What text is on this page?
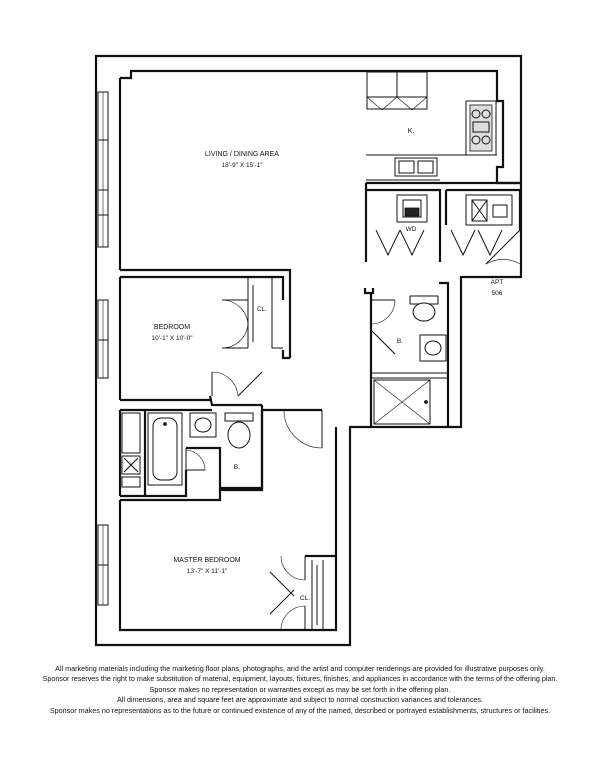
LIVING / DINING AREA
18'-9" X 15'-1"
K.
WD
APT
506
BEDROOM
10'-1" X 10'-0"
CL.
B.
B.
MASTER BEDROOM
13'-7" X 11'-1"
CL.
All marketing materials including the marketing floor plans, photographs, and the artist and computer renderings are provided for illustrative purposes only.
Sponsor reserves the right to make substitution of material, equipment, layouts, fixtures, finishes, and appliances in accordance with the terms of the offering plan.
Sponsor makes no representation or warranties except as may be set forth in the offering plan.
All dimensions, area and square feet are approximate and subject to normal construction variances and tolerances.
Sponsor makes no representations as to the future or continued existence of any of the named, described or portrayed establishments, structures or facilities.
